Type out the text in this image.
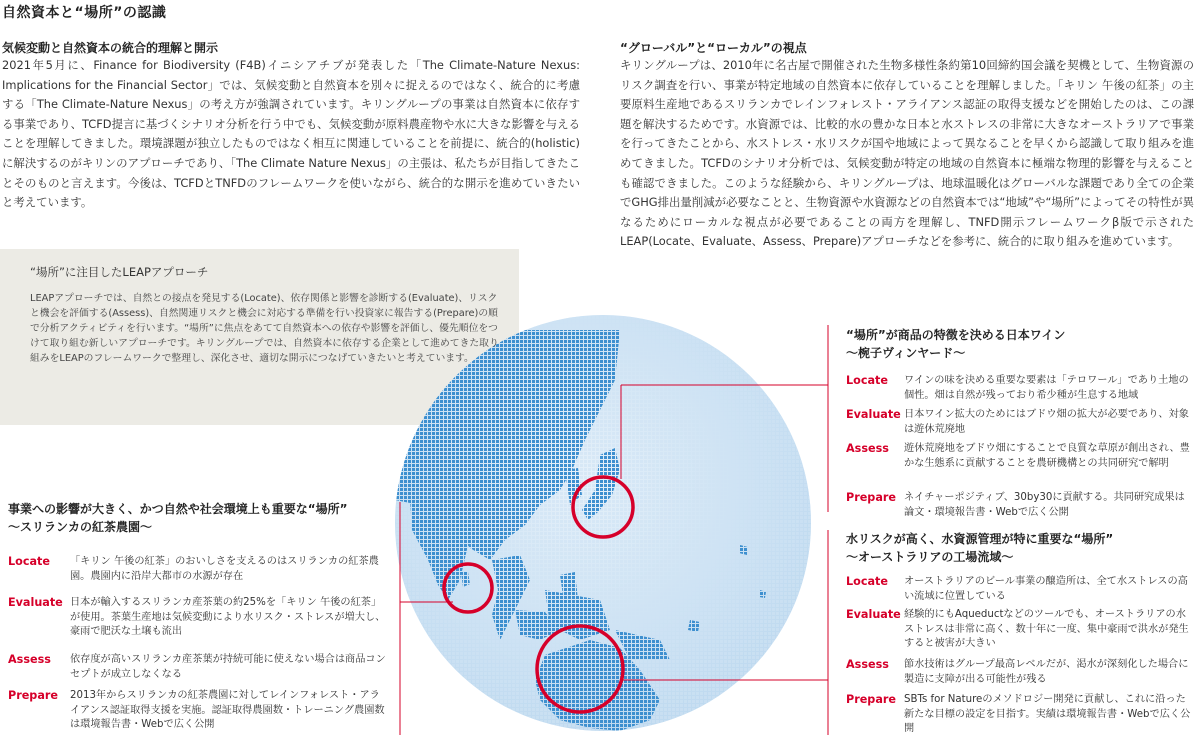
自然資本と“場所”の認識
気候変動と自然資本の統合的理解と開示
2021年5月に、Finance for Biodiversity (F4B)イニシアチブが発表した「The Climate-Nature Nexus: Implications for the Financial Sector」では、気候変動と自然資本を別々に捉えるのではなく、統合的に考慮する「The Climate-Nature Nexus」の考え方が強調されています。キリングループの事業は自然資本に依存する事業であり、TCFD提言に基づくシナリオ分析を行う中でも、気候変動が原料農産物や水に大きな影響を与えることを理解してきました。環境課題が独立したものではなく相互に関連していることを前提に、統合的(holistic)に解決するのがキリンのアプローチであり、「The Climate Nature Nexus」の主張は、私たちが目指してきたことそのものと言えます。今後は、TCFDとTNFDのフレームワークを使いながら、統合的な開示を進めていきたいと考えています。
“グローバル”と“ローカル”の視点
キリングループは、2010年に名古屋で開催された生物多様性条約第10回締約国会議を契機として、生物資源のリスク調査を行い、事業が特定地域の自然資本に依存していることを理解しました。「キリン 午後の紅茶」の主要原料生産地であるスリランカでレインフォレスト・アライアンス認証の取得支援などを開始したのは、この課題を解決するためです。水資源では、比較的水の豊かな日本と水ストレスの非常に大きなオーストラリアで事業を行ってきたことから、水ストレス・水リスクが国や地域によって異なることを早くから認識して取り組みを進めてきました。TCFDのシナリオ分析では、気候変動が特定の地域の自然資本に極端な物理的影響を与えることも確認できました。このような経験から、キリングループは、地球温暖化はグローバルな課題であり全ての企業でGHG排出量削減が必要なことと、生物資源や水資源などの自然資本では“地域”や“場所”によってその特性が異なるためにローカルな視点が必要であることの両方を理解し、TNFD開示フレームワークβ版で示されたLEAP(Locate、Evaluate、Assess、Prepare)アプローチなどを参考に、統合的に取り組みを進めています。
“場所”に注目したLEAPアプローチ
LEAPアプローチでは、自然との接点を発見する(Locate)、依存関係と影響を診断する(Evaluate)、リスクと機会を評価する(Assess)、自然関連リスクと機会に対応する準備を行い投資家に報告する(Prepare)の順で分析アクティビティを行います。“場所”に焦点をあてて自然資本への依存や影響を評価し、優先順位をつけて取り組む新しいアプローチです。キリングループでは、自然資本に依存する企業として進めてきた取り組みをLEAPのフレームワークで整理し、深化させ、適切な開示につなげていきたいと考えています。
“場所”が商品の特徴を決める日本ワイン
〜椀子ヴィンヤード〜
Locate ワインの味を決める重要な要素は「テロワール」であり土地の個性。畑は自然が残っており希少種が生息する地域
Evaluate 日本ワイン拡大のためにはブドウ畑の拡大が必要であり、対象は遊休荒廃地
Assess 遊休荒廃地をブドウ畑にすることで良質な草原が創出され、豊かな生態系に貢献することを農研機構との共同研究で解明
Prepare ネイチャーポジティブ、30by30に貢献する。共同研究成果は論文・環境報告書・Webで広く公開
水リスクが高く、水資源管理が特に重要な“場所”
〜オーストラリアの工場流域〜
Locate オーストラリアのビール事業の醸造所は、全て水ストレスの高い流域に位置している
Evaluate 経験的にもAqueductなどのツールでも、オーストラリアの水ストレスは非常に高く、数十年に一度、集中豪雨で洪水が発生すると被害が大きい
Assess 節水技術はグループ最高レベルだが、渇水が深刻化した場合に製造に支障が出る可能性が残る
Prepare SBTs for Natureのメソドロジー開発に貢献し、これに沿った新たな目標の設定を目指す。実績は環境報告書・Webで広く公開
事業への影響が大きく、かつ自然や社会環境上も重要な“場所”
〜スリランカの紅茶農園〜
Locate 「キリン 午後の紅茶」のおいしさを支えるのはスリランカの紅茶農園。農園内に沿岸大都市の水源が存在
Evaluate 日本が輸入するスリランカ産茶葉の約25%を「キリン 午後の紅茶」が使用。茶葉生産地は気候変動により水リスク・ストレスが増大し、豪雨で肥沃な土壌も流出
Assess 依存度が高いスリランカ産茶葉が持続可能に使えない場合は商品コンセプトが成立しなくなる
Prepare 2013年からスリランカの紅茶農園に対してレインフォレスト・アライアンス認証取得支援を実施。認証取得農園数・トレーニング農園数は環境報告書・Webで広く公開
